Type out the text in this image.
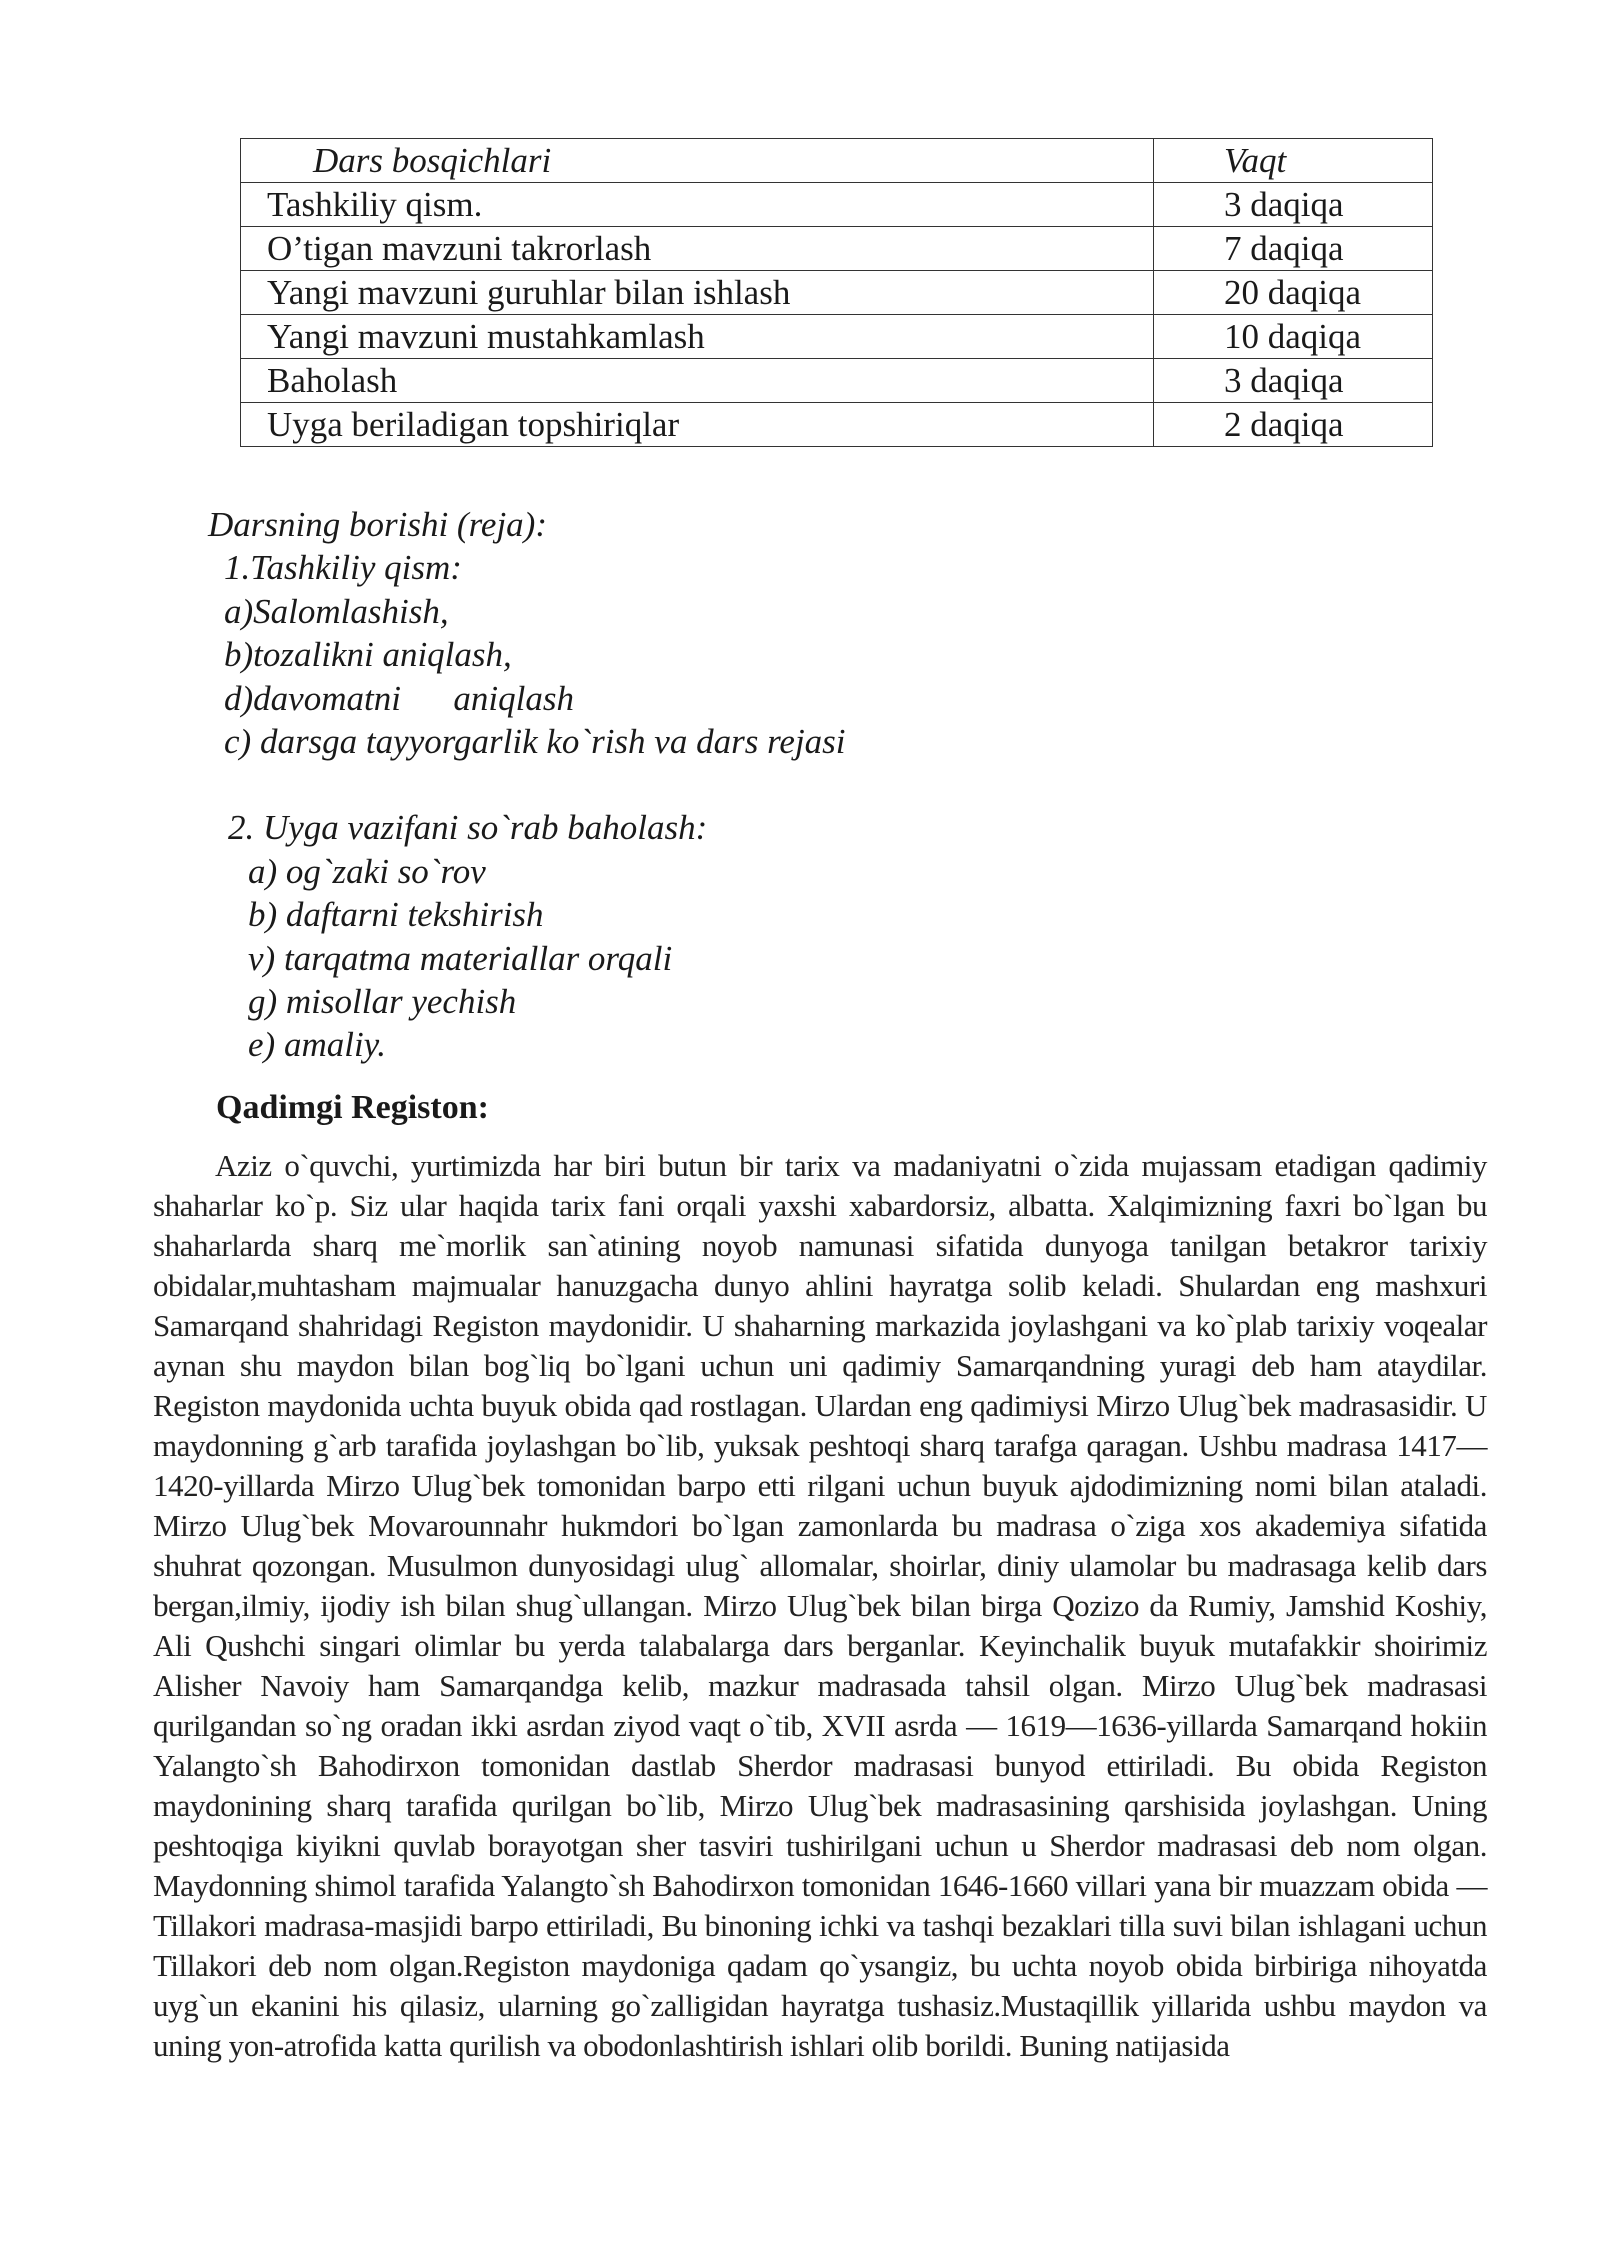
Dars bosqichlari	Vaqt
Tashkiliy qism.	3 daqiqa
O’tigan mavzuni takrorlash	7 daqiqa
Yangi mavzuni guruhlar bilan ishlash	20 daqiqa
Yangi mavzuni mustahkamlash	10 daqiqa
Baholash	3 daqiqa
Uyga beriladigan topshiriqlar	2 daqiqa
Darsning borishi (reja):
1.Tashkiliy qism:
a)Salomlashish,
b)tozalikni aniqlash,
d)davomatni      aniqlash
c) darsga tayyorgarlik ko`rish va dars rejasi
2. Uyga vazifani so`rab baholash:
a) og`zaki so`rov
b) daftarni tekshirish
v) tarqatma materiallar orqali
g) misollar yechish
e) amaliy.
Qadimgi Registon:

Aziz o`quvchi, yurtimizda har biri butun bir tarix va madaniyatni o`zida mujassam etadigan qadimiy shaharlar ko`p. Siz ular haqida tarix fani orqali yaxshi xabardorsiz, albatta. Xalqimizning faxri bo`lgan bu shaharlarda sharq me`morlik san`atining noyob namunasi sifatida dunyoga tanilgan betakror tarixiy obidalar,muhtasham majmualar hanuzgacha dunyo ahlini hayratga solib keladi. Shulardan eng mashxuri Samarqand shahridagi Registon maydonidir. U shaharning markazida joylashgani va ko`plab tarixiy voqealar aynan shu maydon bilan bog`liq bo`lgani uchun uni qadimiy Samarqandning yuragi deb ham ataydilar. Registon maydonida uchta buyuk obida qad rostlagan. Ulardan eng qadimiysi Mirzo Ulug`bek madrasasidir. U maydonning g`arb tarafida joylashgan bo`lib, yuksak peshtoqi sharq tarafga qaragan. Ushbu madrasa 1417—1420-yillarda Mirzo Ulug`bek tomonidan barpo etti rilgani uchun buyuk ajdodimizning nomi bilan ataladi. Mirzo Ulug`bek Movarounnahr hukmdori bo`lgan zamonlarda bu madrasa o`ziga xos akademiya sifatida shuhrat qozongan. Musulmon dunyosidagi ulug` allomalar, shoirlar, diniy ulamolar bu madrasaga kelib dars bergan,ilmiy, ijodiy ish bilan shug`ullangan. Mirzo Ulug`bek bilan birga Qozizo da Rumiy, Jamshid Koshiy, Ali Qushchi singari olimlar bu yerda talabalarga dars berganlar. Keyinchalik buyuk mutafakkir shoirimiz Alisher Navoiy ham Samarqandga kelib, mazkur madrasada tahsil olgan. Mirzo Ulug`bek madrasasi qurilgandan so`ng oradan ikki asrdan ziyod vaqt o`tib, XVII asrda — 1619—1636-yillarda Samarqand hokiin Yalangto`sh Bahodirxon tomonidan dastlab Sherdor madrasasi bunyod ettiriladi. Bu obida Registon maydonining sharq tarafida qurilgan bo`lib, Mirzo Ulug`bek madrasasining qarshisida joylashgan. Uning peshtoqiga kiyikni quvlab borayotgan sher tasviri tushirilgani uchun u Sherdor madrasasi deb nom olgan. Maydonning shimol tarafida Yalangto`sh Bahodirxon tomonidan 1646-1660 villari yana bir muazzam obida — Tillakori madrasa-masjidi barpo ettiriladi, Bu binoning ichki va tashqi bezaklari tilla suvi bilan ishlagani uchun Tillakori deb nom olgan.Registon maydoniga qadam qo`ysangiz, bu uchta noyob obida birbiriga nihoyatda uyg`un ekanini his qilasiz, ularning go`zalligidan hayratga tushasiz.Mustaqillik yillarida ushbu maydon va uning yon-atrofida katta qurilish va obodonlashtirish ishlari olib borildi. Buning natijasida
